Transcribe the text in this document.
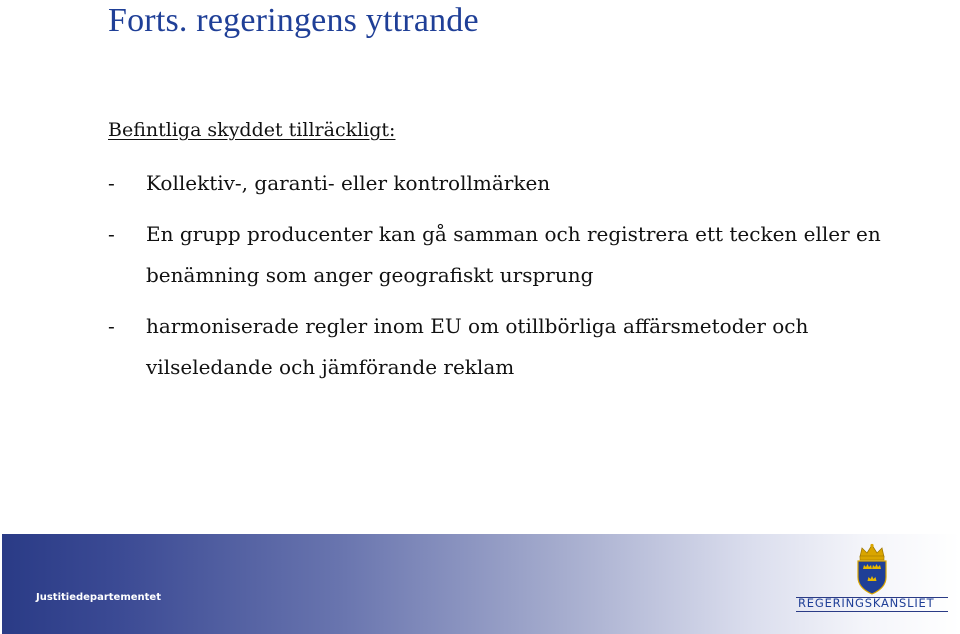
Forts. regeringens yttrande
Befintliga skyddet tillräckligt:
- Kollektiv-, garanti- eller kontrollmärken
- En grupp producenter kan gå samman och registrera ett tecken eller en benämning som anger geografiskt ursprung
- harmoniserade regler inom EU om otillbörliga affärsmetoder och vilseledande och jämförande reklam
Justitiedepartementet	REGERINGSKANSLIET
